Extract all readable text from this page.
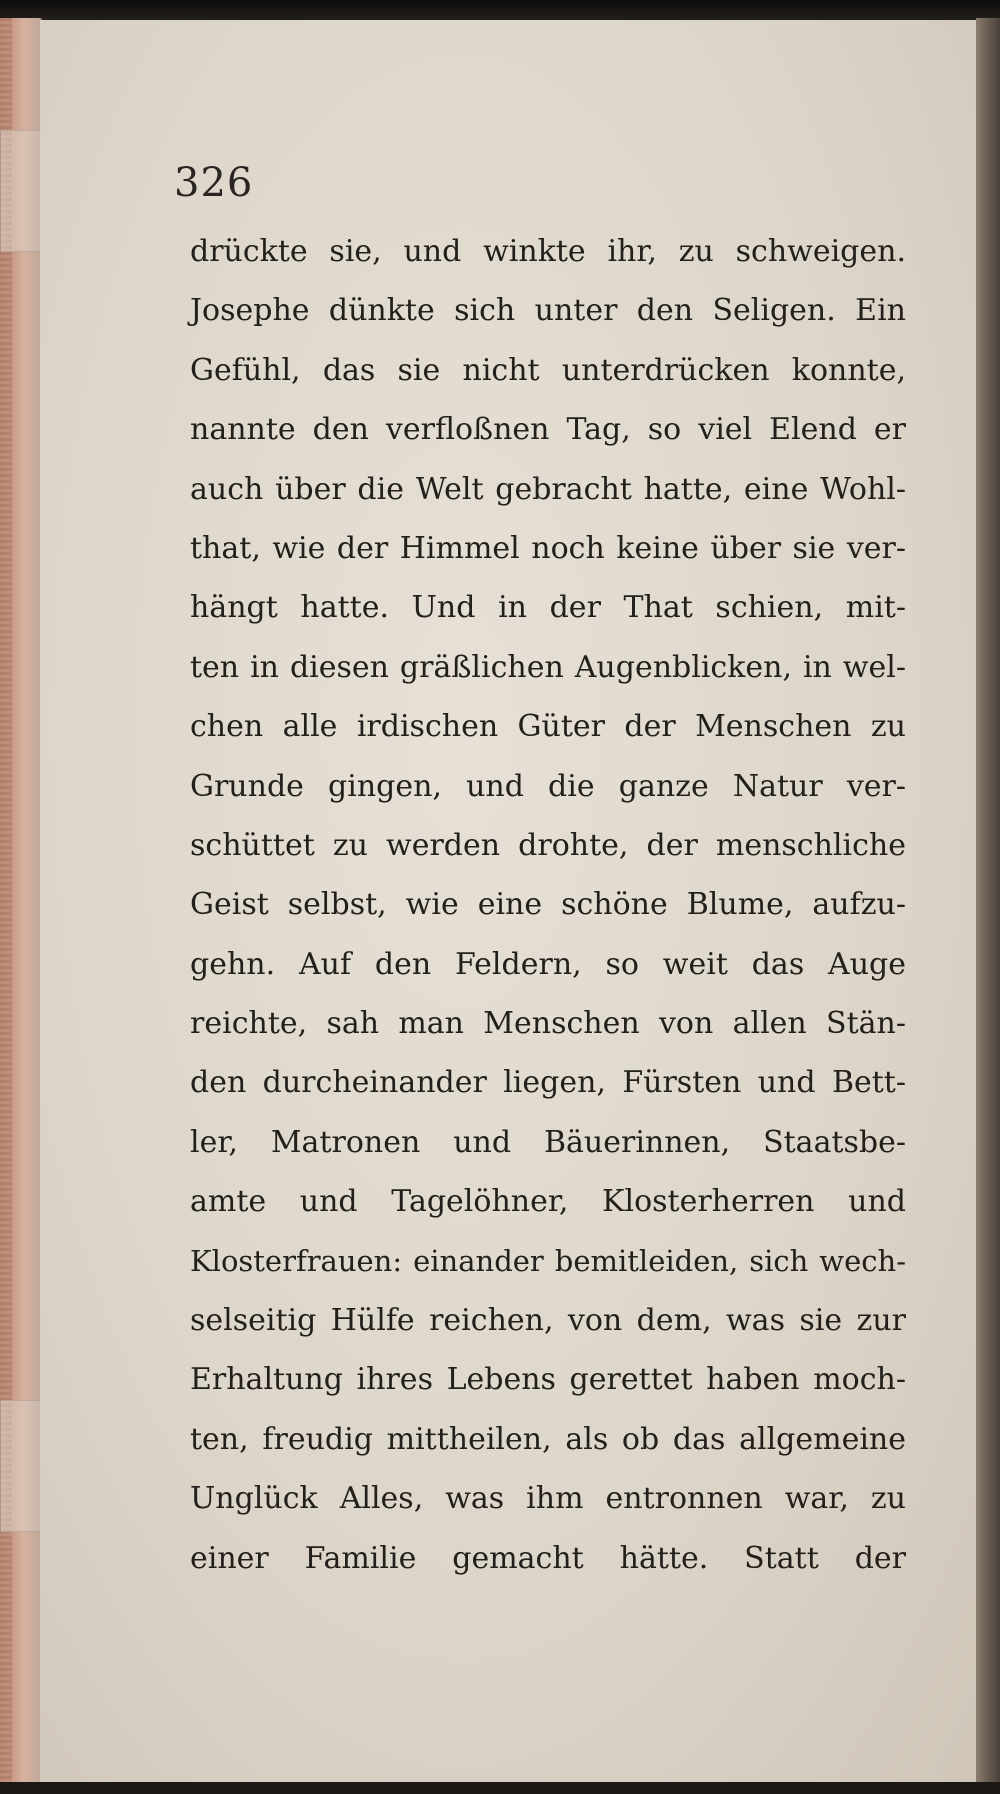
326
drückte sie, und winkte ihr, zu schweigen.
Josephe dünkte sich unter den Seligen. Ein
Gefühl, das sie nicht unterdrücken konnte,
nannte den verfloßnen Tag, so viel Elend er
auch über die Welt gebracht hatte, eine Wohl-
that, wie der Himmel noch keine über sie ver-
hängt hatte. Und in der That schien, mit-
ten in diesen gräßlichen Augenblicken, in wel-
chen alle irdischen Güter der Menschen zu
Grunde gingen, und die ganze Natur ver-
schüttet zu werden drohte, der menschliche
Geist selbst, wie eine schöne Blume, aufzu-
gehn. Auf den Feldern, so weit das Auge
reichte, sah man Menschen von allen Stän-
den durcheinander liegen, Fürsten und Bett-
ler, Matronen und Bäuerinnen, Staatsbe-
amte und Tagelöhner, Klosterherren und
Klosterfrauen: einander bemitleiden, sich wech-
selseitig Hülfe reichen, von dem, was sie zur
Erhaltung ihres Lebens gerettet haben moch-
ten, freudig mittheilen, als ob das allgemeine
Unglück Alles, was ihm entronnen war, zu
einer Familie gemacht hätte. Statt der
